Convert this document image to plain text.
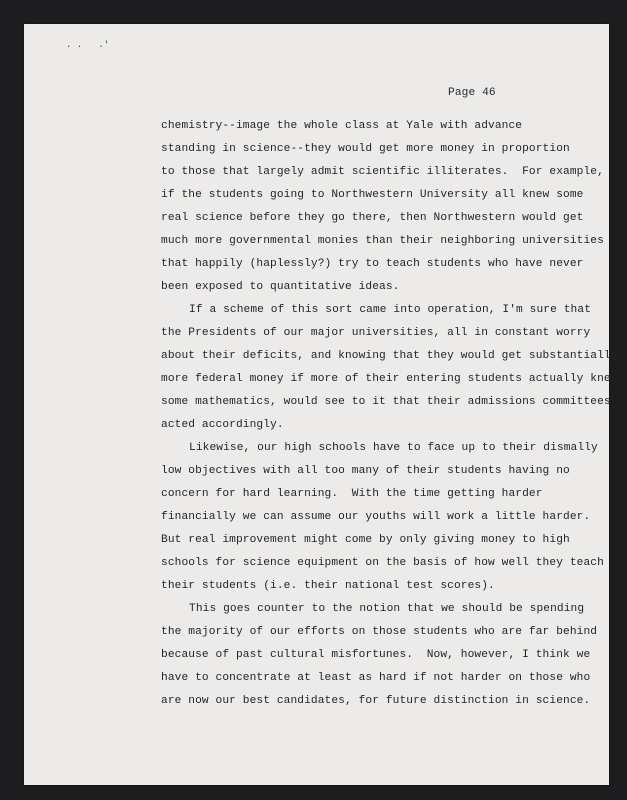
. .   .'
Page 46
chemistry--image the whole class at Yale with advance
standing in science--they would get more money in proportion
to those that largely admit scientific illiterates.  For example,
if the students going to Northwestern University all knew some
real science before they go there, then Northwestern would get
much more governmental monies than their neighboring universities
that happily (haplessly?) try to teach students who have never
been exposed to quantitative ideas.
If a scheme of this sort came into operation, I'm sure that
the Presidents of our major universities, all in constant worry
about their deficits, and knowing that they would get substantially
more federal money if more of their entering students actually knew
some mathematics, would see to it that their admissions committees
acted accordingly.
Likewise, our high schools have to face up to their dismally
low objectives with all too many of their students having no
concern for hard learning.  With the time getting harder
financially we can assume our youths will work a little harder.
But real improvement might come by only giving money to high
schools for science equipment on the basis of how well they teach
their students (i.e. their national test scores).
This goes counter to the notion that we should be spending
the majority of our efforts on those students who are far behind
because of past cultural misfortunes.  Now, however, I think we
have to concentrate at least as hard if not harder on those who
are now our best candidates, for future distinction in science.
